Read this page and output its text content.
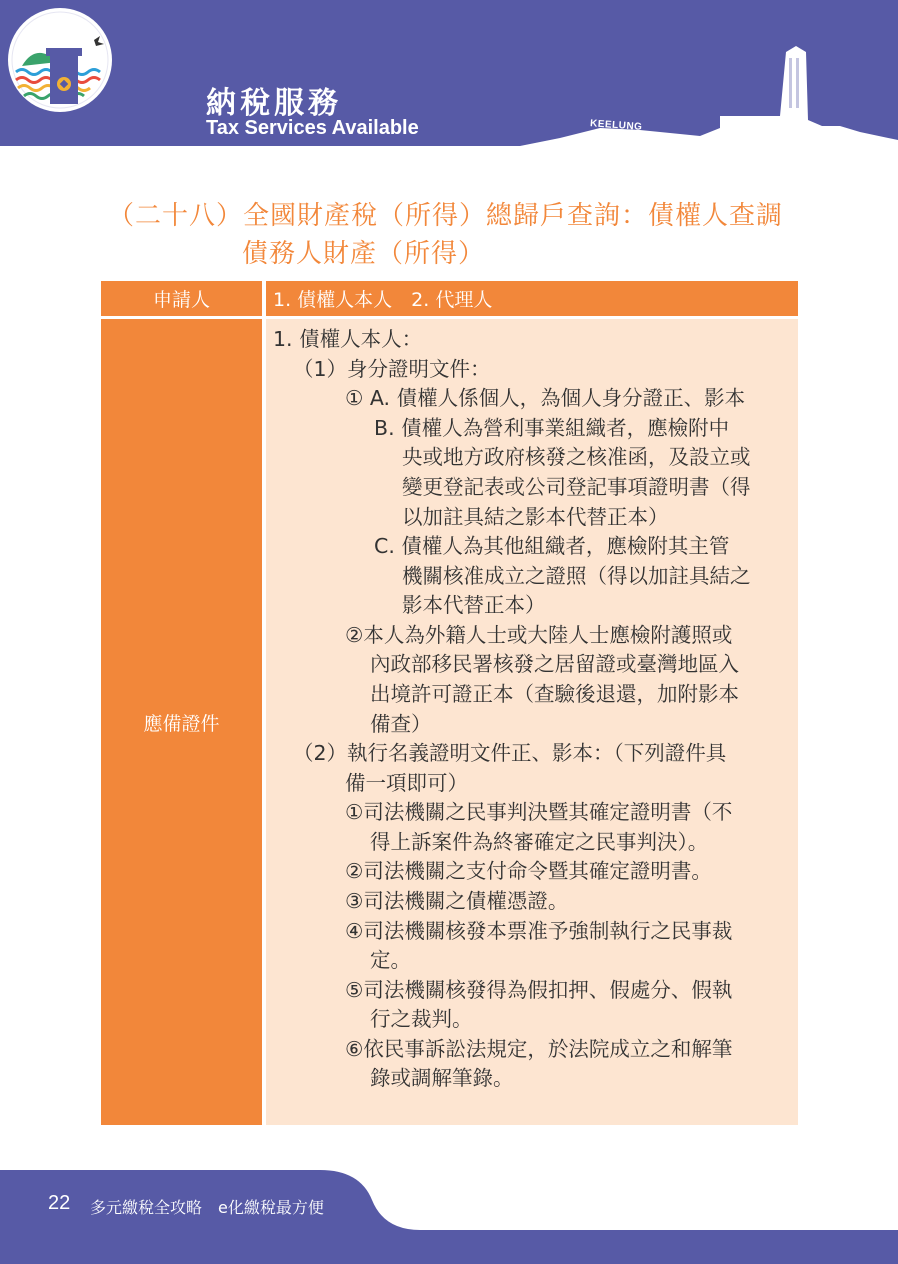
納稅服務
Tax Services Available	KEELUNG
（二十八）全國財產稅（所得）總歸戶查詢：債權人查調
債務人財產（所得）
申請人	1. 債權人本人　2. 代理人
應備證件
1. 債權人本人：
（1）身分證明文件：
① A. 債權人係個人，為個人身分證正、影本
B. 債權人為營利事業組織者，應檢附中
央或地方政府核發之核准函，及設立或
變更登記表或公司登記事項證明書（得
以加註具結之影本代替正本）
C. 債權人為其他組織者，應檢附其主管
機關核准成立之證照（得以加註具結之
影本代替正本）
②本人為外籍人士或大陸人士應檢附護照或
內政部移民署核發之居留證或臺灣地區入
出境許可證正本（查驗後退還，加附影本
備查）
（2）執行名義證明文件正、影本：（下列證件具
備一項即可）
①司法機關之民事判決暨其確定證明書（不
得上訴案件為終審確定之民事判決）。
②司法機關之支付命令暨其確定證明書。
③司法機關之債權憑證。
④司法機關核發本票准予強制執行之民事裁
定。
⑤司法機關核發得為假扣押、假處分、假執
行之裁判。
⑥依民事訴訟法規定，於法院成立之和解筆
錄或調解筆錄。
22 多元繳稅全攻略　e化繳稅最方便
